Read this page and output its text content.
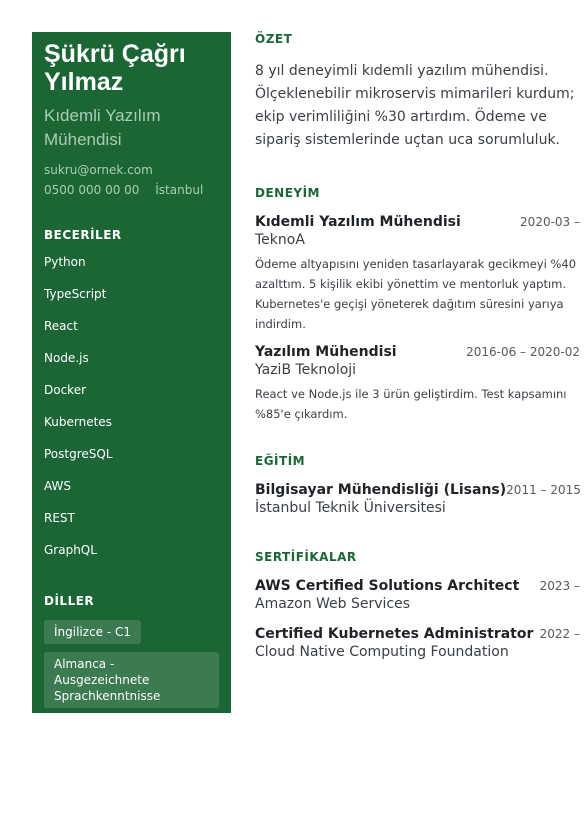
Şükrü Çağrı Yılmaz
Kıdemli Yazılım Mühendisi
sukru@ornek.com
0500 000 00 00 İstanbul
BECERİLER
Python
TypeScript
React
Node.js
Docker
Kubernetes
PostgreSQL
AWS
REST
GraphQL
DİLLER
İngilizce - C1
Almanca - Ausgezeichnete Sprachkenntnisse
ÖZET
8 yıl deneyimli kıdemli yazılım mühendisi. Ölçeklenebilir mikroservis mimarileri kurdum; ekip verimliliğini %30 artırdım. Ödeme ve sipariş sistemlerinde uçtan uca sorumluluk.
DENEYİM
Kıdemli Yazılım Mühendisi	2020-03 –
TeknoA
Ödeme altyapısını yeniden tasarlayarak gecikmeyi %40 azalttım. 5 kişilik ekibi yönettim ve mentorluk yaptım. Kubernetes'e geçişi yöneterek dağıtım süresini yarıya indirdim.
Yazılım Mühendisi	2016-06 – 2020-02
YaziB Teknoloji
React ve Node.js ile 3 ürün geliştirdim. Test kapsamını %85'e çıkardım.
EĞİTİM
Bilgisayar Mühendisliği (Lisans) 2011 – 2015
İstanbul Teknik Üniversitesi
SERTİFİKALAR
AWS Certified Solutions Architect 2023 –
Amazon Web Services
Certified Kubernetes Administrator 2022 –
Cloud Native Computing Foundation
